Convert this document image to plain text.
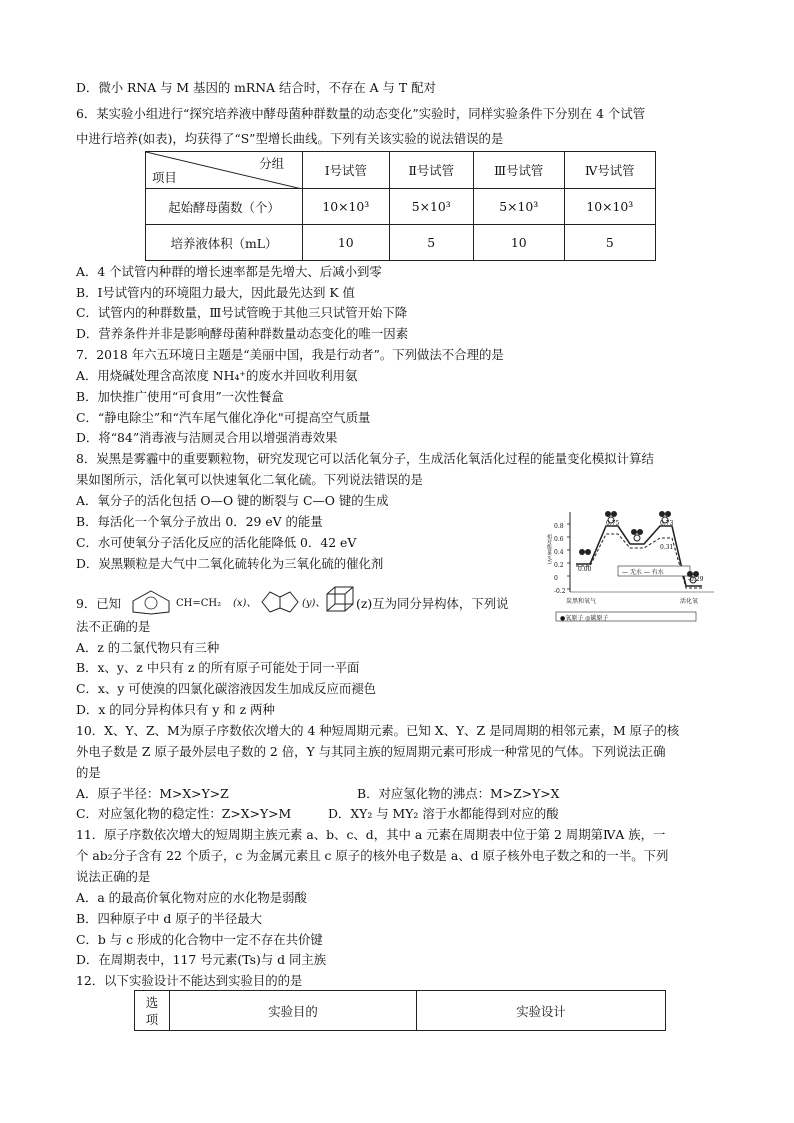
D．微小 RNA 与 M 基因的 mRNA 结合时，不存在 A 与 T 配对
6．某实验小组进行“探究培养液中酵母菌种群数量的动态变化”实验时，同样实验条件下分别在 4 个试管
中进行培养(如表)，均获得了“S”型增长曲线。下列有关该实验的说法错误的是
分组
项目	Ⅰ号试管	Ⅱ号试管	Ⅲ号试管	Ⅳ号试管
起始酵母菌数（个）	10×10³	5×10³	5×10³	10×10³
培养液体积（mL）	10	5	10	5
A．4 个试管内种群的增长速率都是先增大、后减小到零
B．Ⅰ号试管内的环境阻力最大，因此最先达到 K 值
C．试管内的种群数量，Ⅲ号试管晚于其他三只试管开始下降
D．营养条件并非是影响酵母菌种群数量动态变化的唯一因素
7．2018 年六五环境日主题是“美丽中国，我是行动者”。下列做法不合理的是
A．用烧碱处理含高浓度 NH₄⁺的废水并回收利用氨
B．加快推广使用“可食用”一次性餐盒
C．“静电除尘”和“汽车尾气催化净化"可提高空气质量
D．将“84”消毒液与洁厕灵合用以增强消毒效果
8．炭黑是雾霾中的重要颗粒物，研究发现它可以活化氧分子，生成活化氧活化过程的能量变化模拟计算结
果如图所示，活化氧可以快速氧化二氧化硫。下列说法错误的是
A．氧分子的活化包括 O—O 键的断裂与 C—O 键的生成
B．每活化一个氧分子放出 0．29 eV 的能量
C．水可使氧分子活化反应的活化能降低 0．42 eV
D．炭黑颗粒是大气中二氧化硫转化为三氧化硫的催化剂	相对能量(eV)
0.8
0.6
0.4
0.2
0
-0.2
0.75	0.73
0.31
0.00
-0.29
— 无水 — 有水
炭黑和氧气	活化氧
●氧原子 ◎碳原子
9．已知	CH=CH₂ (x)、	(y)、 (z)互为同分异构体，下列说
法不正确的是
A．z 的二氯代物只有三种
B．x、y、z 中只有 z 的所有原子可能处于同一平面
C．x、y 可使溴的四氯化碳溶液因发生加成反应而褪色
D．x 的同分异构体只有 y 和 z 两种
10．X、Y、Z、M为原子序数依次增大的 4 种短周期元素。已知 X、Y、Z 是同周期的相邻元素，M 原子的核
外电子数是 Z 原子最外层电子数的 2 倍，Y 与其同主族的短周期元素可形成一种常见的气体。下列说法正确
的是
A．原子半径：M>X>Y>Z	B．对应氢化物的沸点：M>Z>Y>X
C．对应氢化物的稳定性：Z>X>Y>M	D．XY₂ 与 MY₂ 溶于水都能得到对应的酸
11．原子序数依次增大的短周期主族元素 a、b、c、d，其中 a 元素在周期表中位于第 2 周期第ⅣA 族，一
个 ab₂分子含有 22 个质子，c 为金属元素且 c 原子的核外电子数是 a、d 原子核外电子数之和的一半。下列
说法正确的是
A．a 的最高价氧化物对应的水化物是弱酸
B．四种原子中 d 原子的半径最大
C．b 与 c 形成的化合物中一定不存在共价键
D．在周期表中，117 号元素(Ts)与 d 同主族
12．以下实验设计不能达到实验目的的是
选
项
	实验目的	实验设计
